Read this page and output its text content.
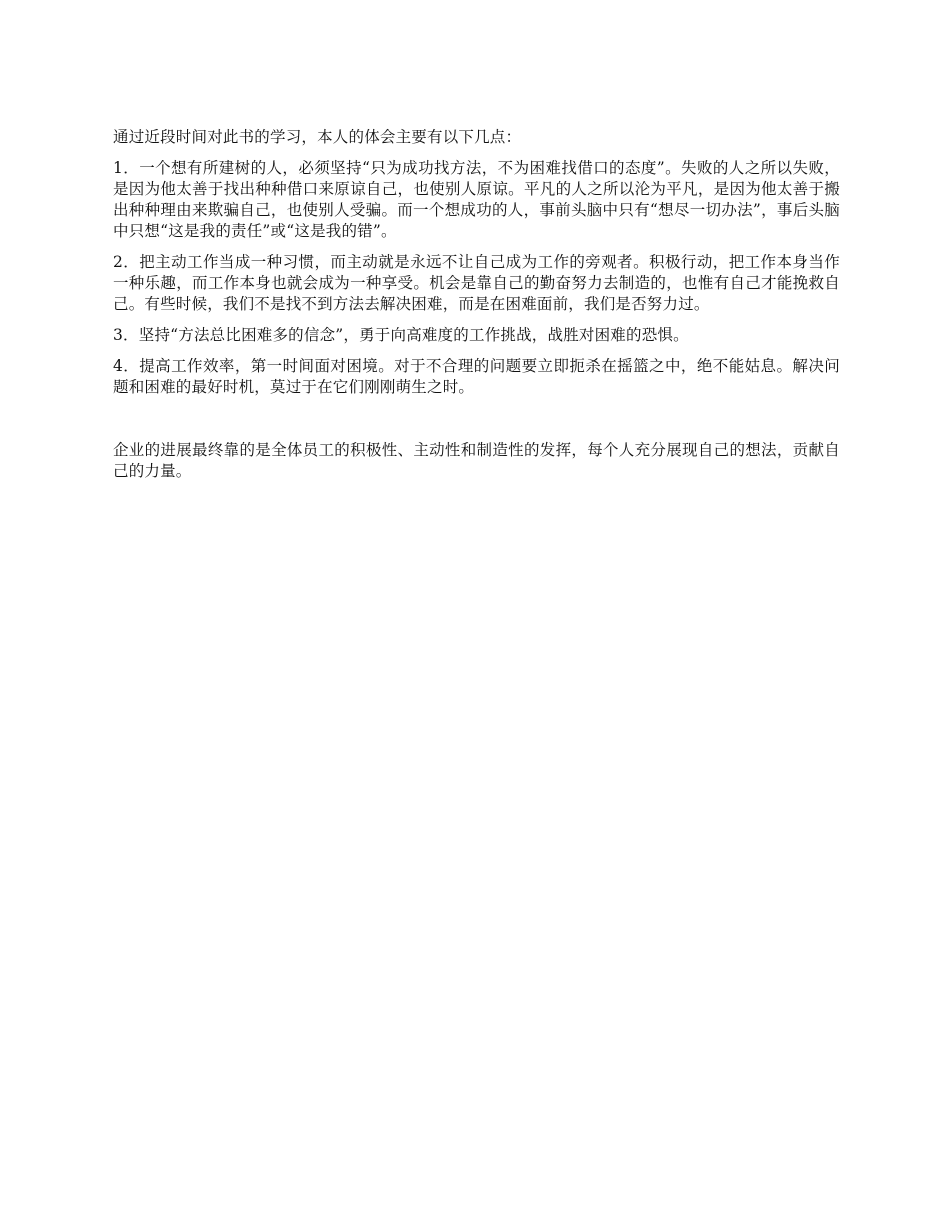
通过近段时间对此书的学习，本人的体会主要有以下几点：

1．一个想有所建树的人，必须坚持“只为成功找方法，不为困难找借口的态度”。失败的人之所以失败，是因为他太善于找出种种借口来原谅自己，也使别人原谅。平凡的人之所以沦为平凡，是因为他太善于搬出种种理由来欺骗自己，也使别人受骗。而一个想成功的人，事前头脑中只有“想尽一切办法”，事后头脑中只想“这是我的责任”或“这是我的错”。

2．把主动工作当成一种习惯，而主动就是永远不让自己成为工作的旁观者。积极行动，把工作本身当作一种乐趣，而工作本身也就会成为一种享受。机会是靠自己的勤奋努力去制造的，也惟有自己才能挽救自己。有些时候，我们不是找不到方法去解决困难，而是在困难面前，我们是否努力过。

3．坚持“方法总比困难多的信念”，勇于向高难度的工作挑战，战胜对困难的恐惧。

4．提高工作效率，第一时间面对困境。对于不合理的问题要立即扼杀在摇篮之中，绝不能姑息。解决问题和困难的最好时机，莫过于在它们刚刚萌生之时。

企业的进展最终靠的是全体员工的积极性、主动性和制造性的发挥，每个人充分展现自己的想法，贡献自己的力量。
